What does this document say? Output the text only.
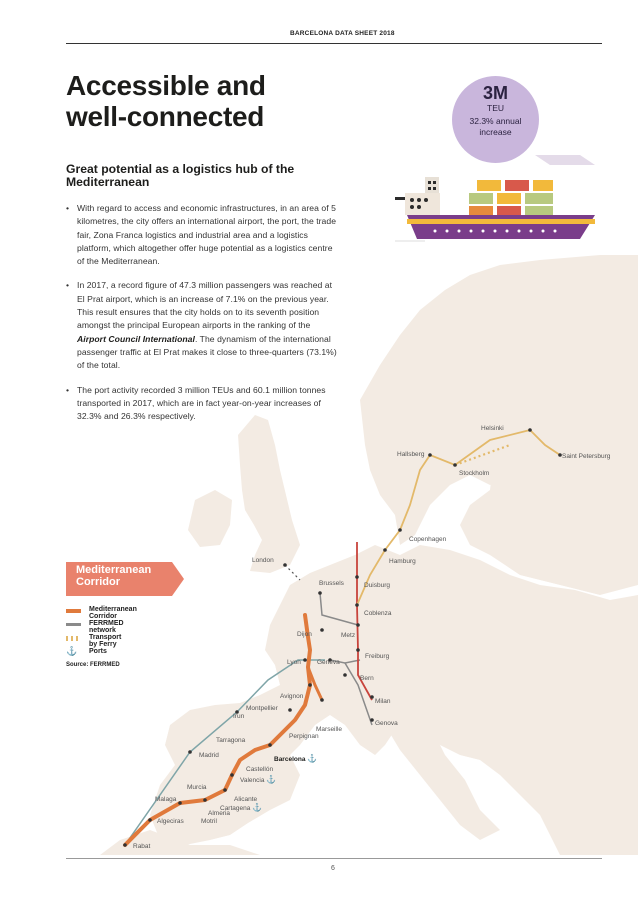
BARCELONA DATA SHEET 2018
Accessible and
well-connected
Great potential as a logistics hub of the Mediterranean
• With regard to access and economic infrastructures, in an area of 5 kilometres, the city offers an international airport, the port, the trade fair, Zona Franca logistics and industrial area and a logistics platform, which altogether offer huge potential as a logistics centre of the Mediterranean.
• In 2017, a record figure of 47.3 million passengers was reached at El Prat airport, which is an increase of 7.1% on the previous year. This result ensures that the city holds on to its seventh position amongst the principal European airports in the ranking of the Airport Council International. The dynamism of the international passenger traffic at El Prat makes it close to three-quarters (73.1%) of the total.
• The port activity recorded 3 million TEUs and 60.1 million tonnes transported in 2017, which are in fact year-on-year increases of 32.3% and 26.3% respectively.
Helsinki
Saint Petersburg
Hallsberg
Stockholm
Copenhagen
Hamburg
London
Duisburg
Brussels
Coblenza
Dijon	Metz
Freiburg
Lyon Geneva
Bern
Avignon
Montpellier
Milan
Irun
Marseille
Genova
Perpignan
Tarragona
Madrid
Barcelona ⚓
Castellón
Valencia ⚓
Murcia
Alicante
Cartagena ⚓
Malaga
Almeria
Algeciras	Motril
Rabat
3M
TEU
32.3% annual increase
Mediterranean Corridor
Mediterranean Corridor
FERRMED network
Transport by Ferry
⚓	Ports
Source: FERRMED
6
